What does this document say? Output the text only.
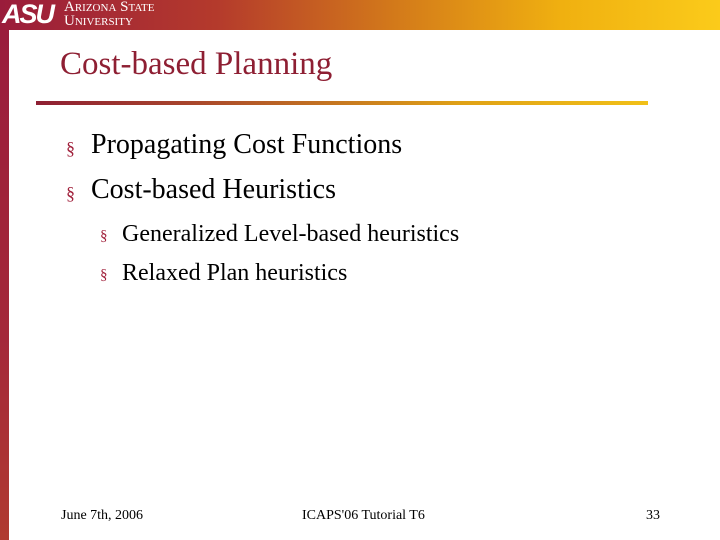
ASU Arizona State
University
Cost-based Planning
§ Propagating Cost Functions
§ Cost-based Heuristics
§ Generalized Level-based heuristics
§ Relaxed Plan heuristics
June 7th, 2006	ICAPS'06 Tutorial T6	33
